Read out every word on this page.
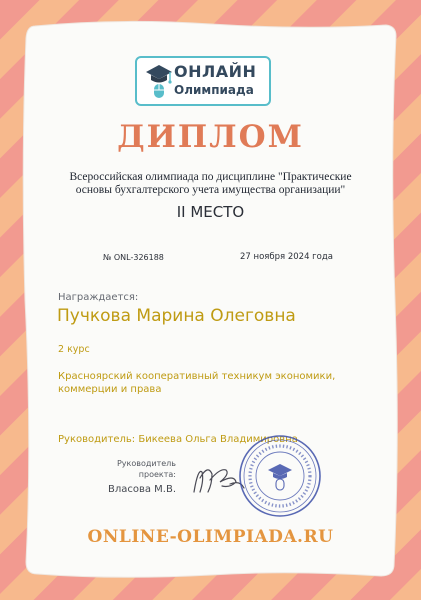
ОНЛАЙН

Олимпиада

ДИПЛОМ

Всероссийская олимпиада по дисциплине "Практические основы бухгалтерского учета имущества организации"

II МЕСТО

№ ONL-326188	27 ноября 2024 года

Награждается:

Пучкова Марина Олеговна

2 курс

Красноярский кооперативный техникум экономики, коммерции и права

Руководитель: Бикеева Ольга Владимировна

Руководитель проекта:

Власова М.В.

ONLINE-OLIMPIADA.RU
